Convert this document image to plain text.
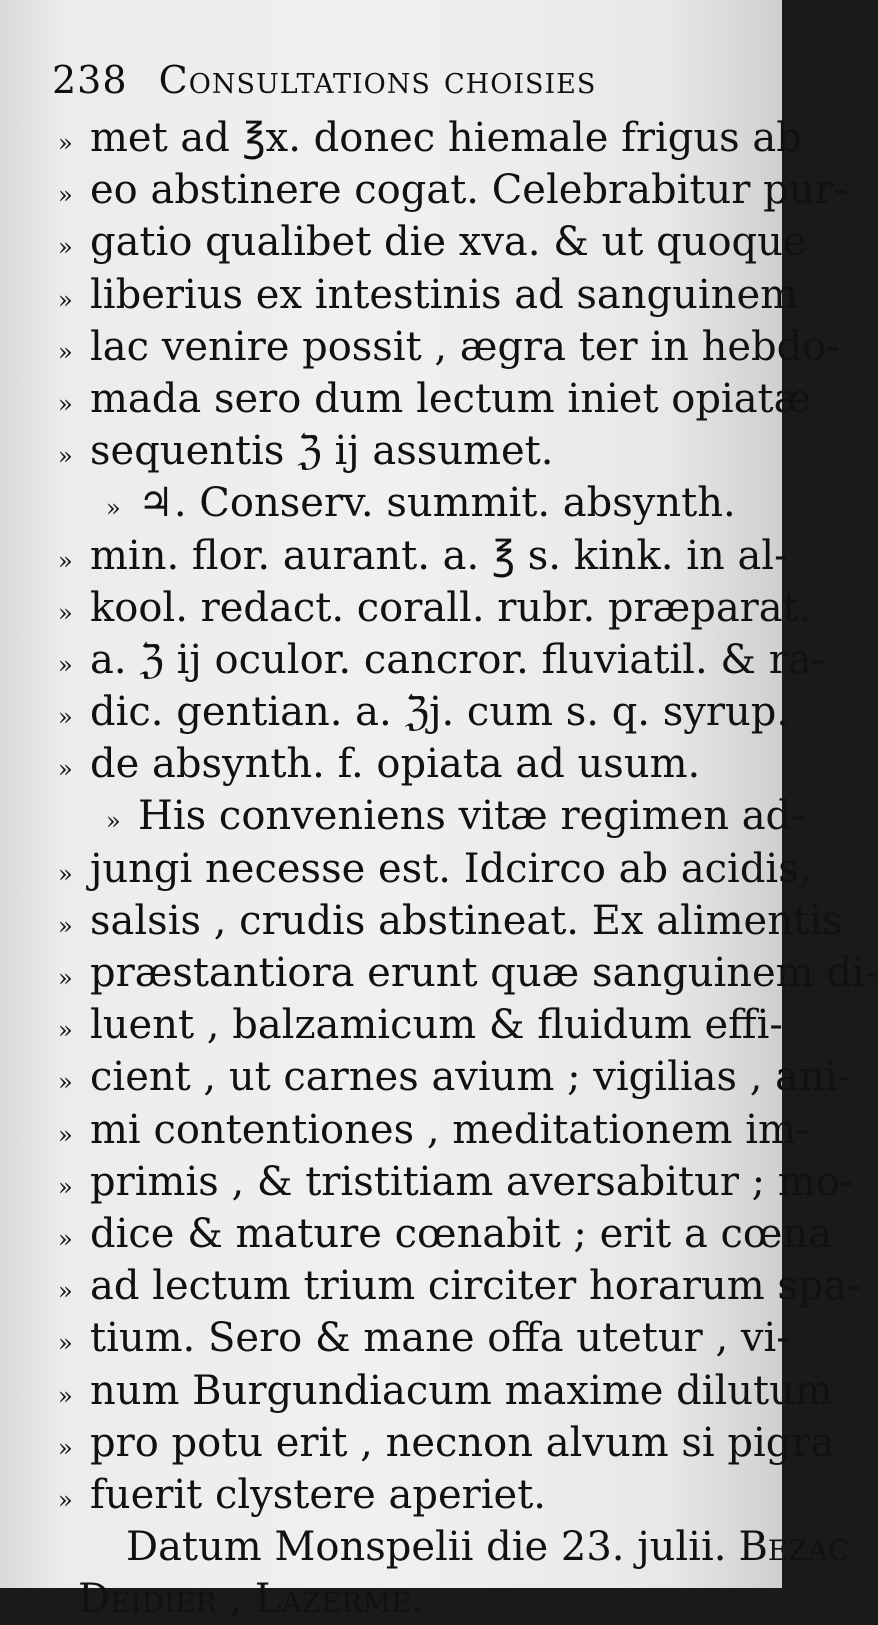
238 Consultations choisies
» met ad ℥x. donec hiemale frigus ab
» eo abstinere cogat. Celebrabitur pur-
» gatio qualibet die xva. & ut quoque
» liberius ex intestinis ad sanguinem
» lac venire possit , ægra ter in hebdo-
» mada sero dum lectum iniet opiatæ
» sequentis ℨ ij assumet.
» ♃. Conserv. summit. absynth.
» min. flor. aurant. a. ℥ s. kink. in al-
» kool. redact. corall. rubr. præparat.
» a. ℨ ij oculor. cancror. fluviatil. & ra-
» dic. gentian. a. ℨj. cum s. q. syrup.
» de absynth. f. opiata ad usum.
» His conveniens vitæ regimen ad-
» jungi necesse est. Idcirco ab acidis,
» salsis , crudis abstineat. Ex alimentis
» præstantiora erunt quæ sanguinem di-
» luent , balzamicum & fluidum effi-
» cient , ut carnes avium ; vigilias , ani-
» mi contentiones , meditationem im-
» primis , & tristitiam aversabitur ; mo-
» dice & mature cœnabit ; erit a cœna
» ad lectum trium circiter horarum spa-
» tium. Sero & mane offa utetur , vi-
» num Burgundiacum maxime dilutum
» pro potu erit , necnon alvum si pigra
» fuerit clystere aperiet.
Datum Monspelii die 23. julii. Bezac
Deidier , Lazerme.
